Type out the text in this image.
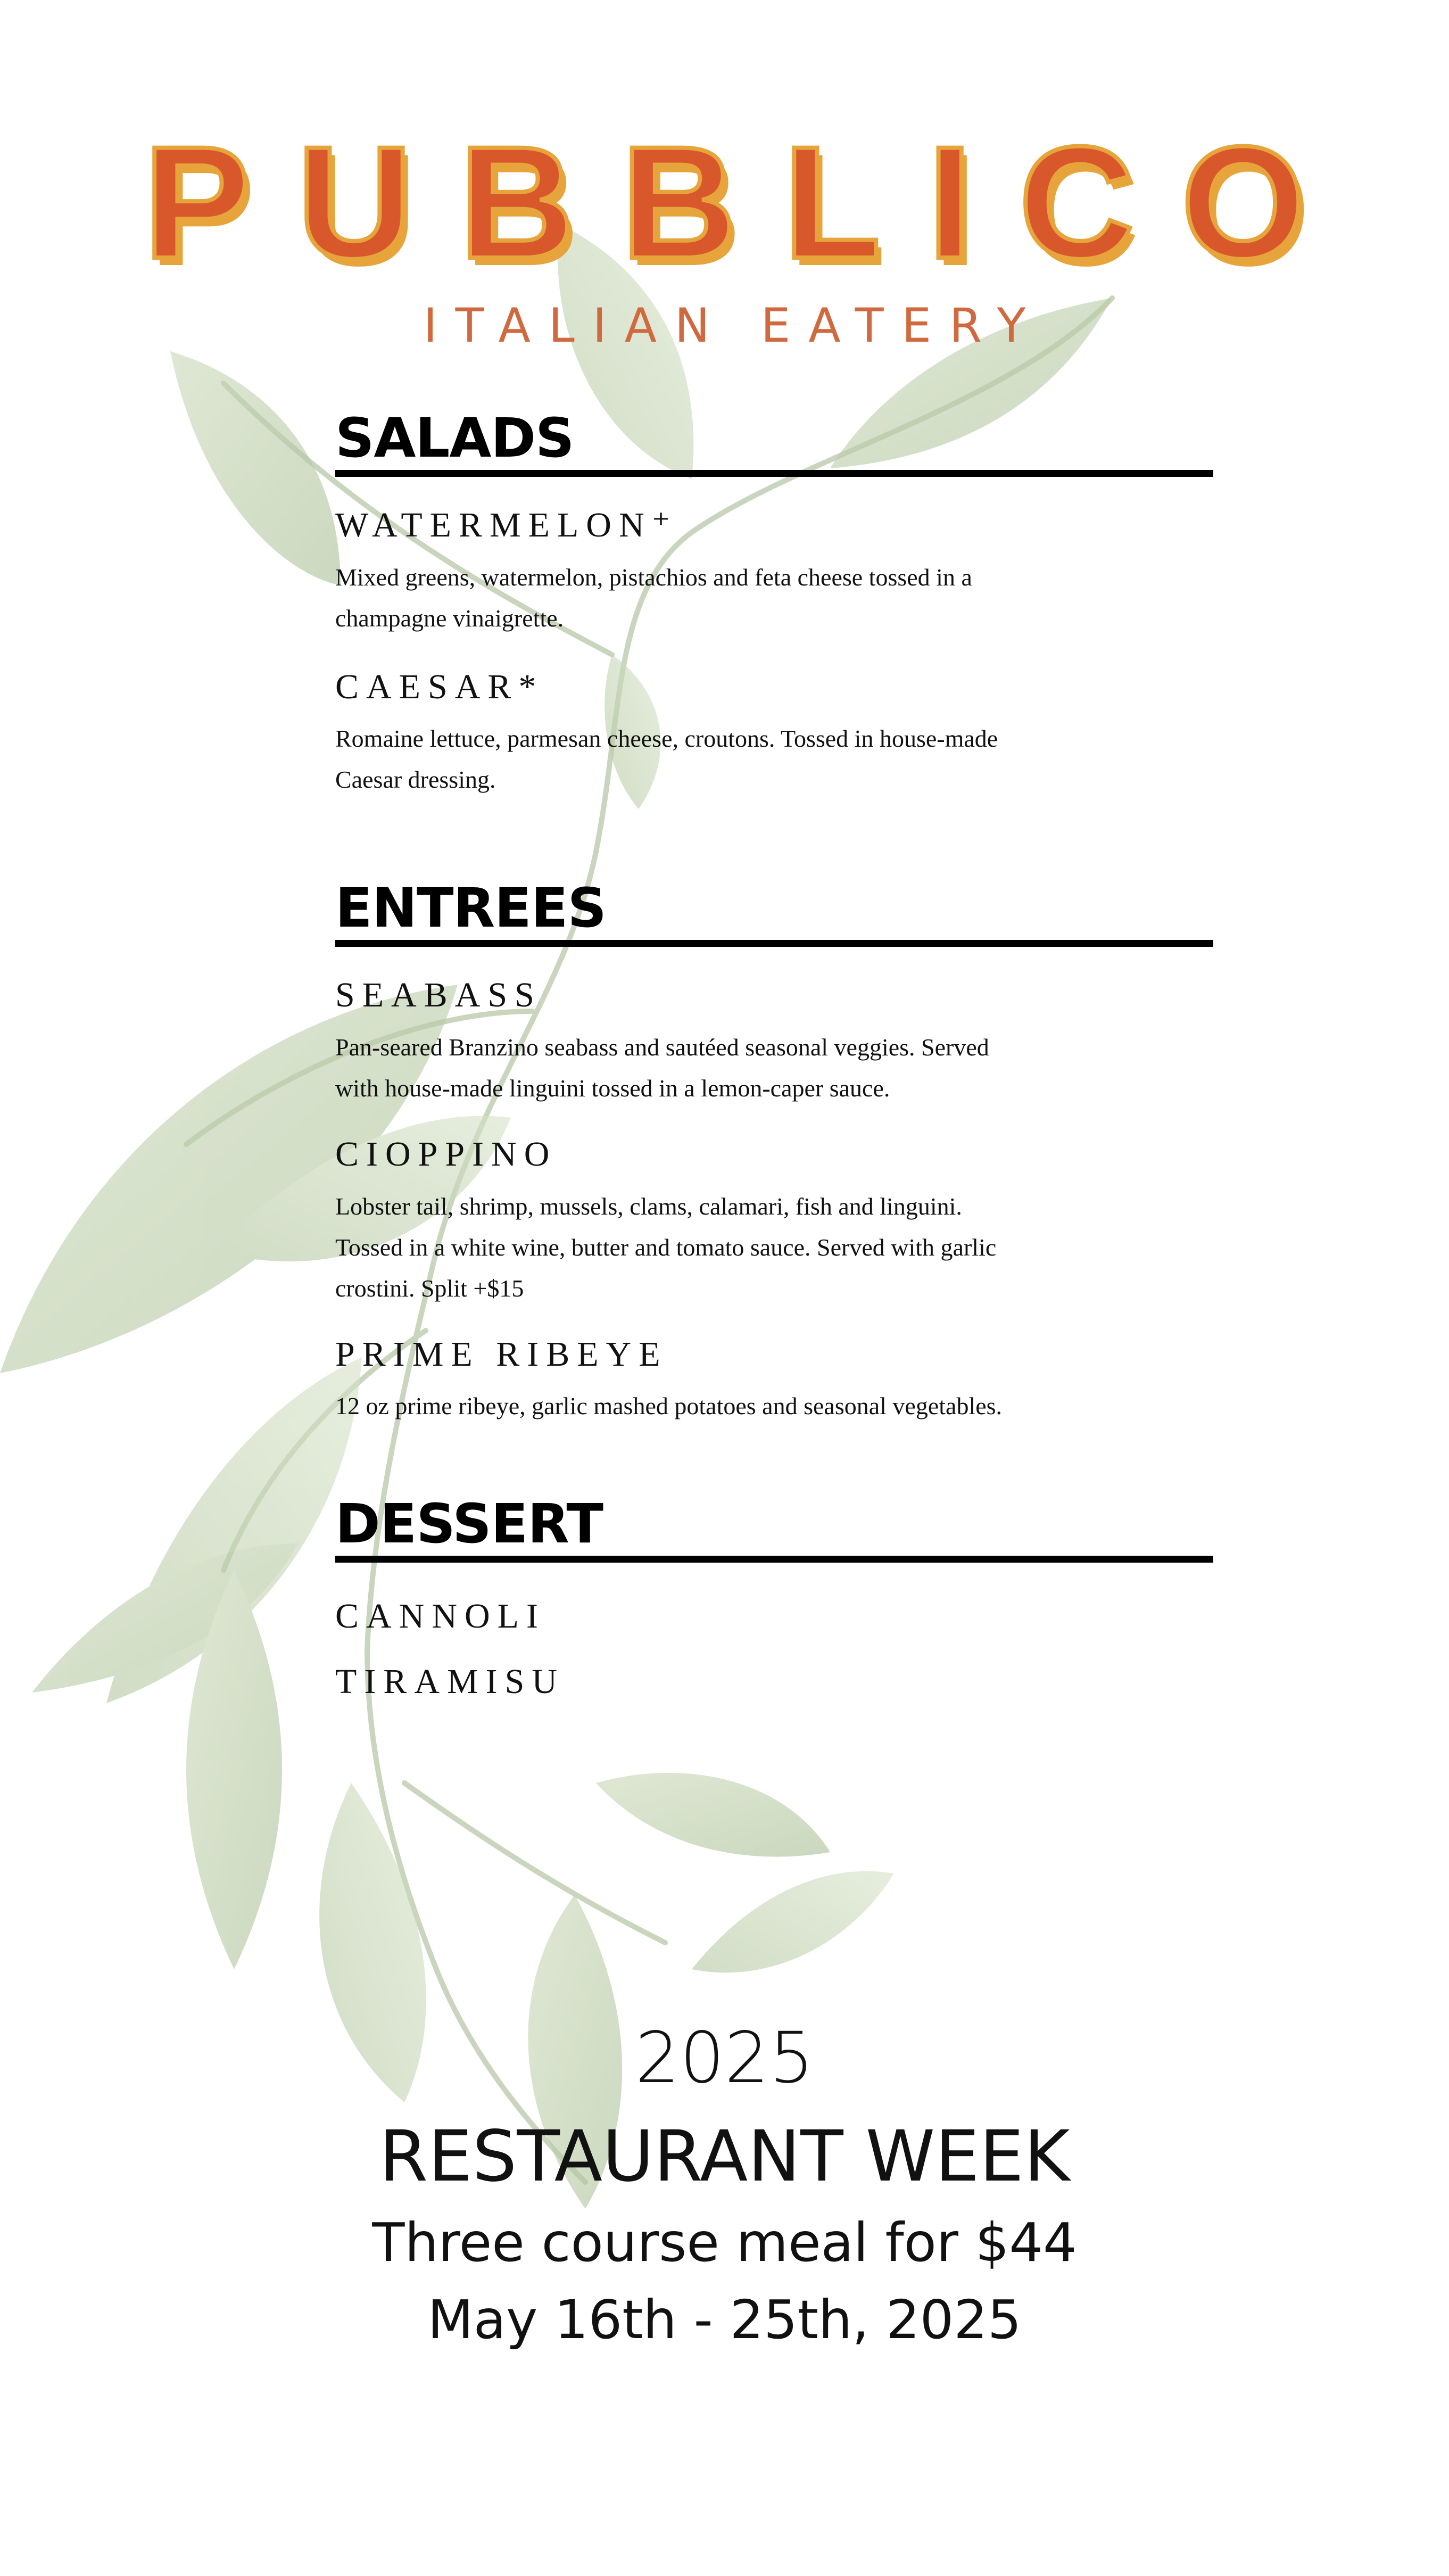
PUBBLICO
ITALIAN EATERY
SALADS
WATERMELON⁺
Mixed greens, watermelon, pistachios and feta cheese tossed in a champagne vinaigrette.
CAESAR*
Romaine lettuce, parmesan cheese, croutons. Tossed in house-made Caesar dressing.
ENTREES
SEABASS
Pan-seared Branzino seabass and sautéed seasonal veggies. Served with house-made linguini tossed in a lemon-caper sauce.
CIOPPINO
Lobster tail, shrimp, mussels, clams, calamari, fish and linguini. Tossed in a white wine, butter and tomato sauce. Served with garlic crostini. Split +$15
PRIME RIBEYE
12 oz prime ribeye, garlic mashed potatoes and seasonal vegetables.
DESSERT
CANNOLI
TIRAMISU
2025
RESTAURANT WEEK
Three course meal for $44
May 16th - 25th, 2025
